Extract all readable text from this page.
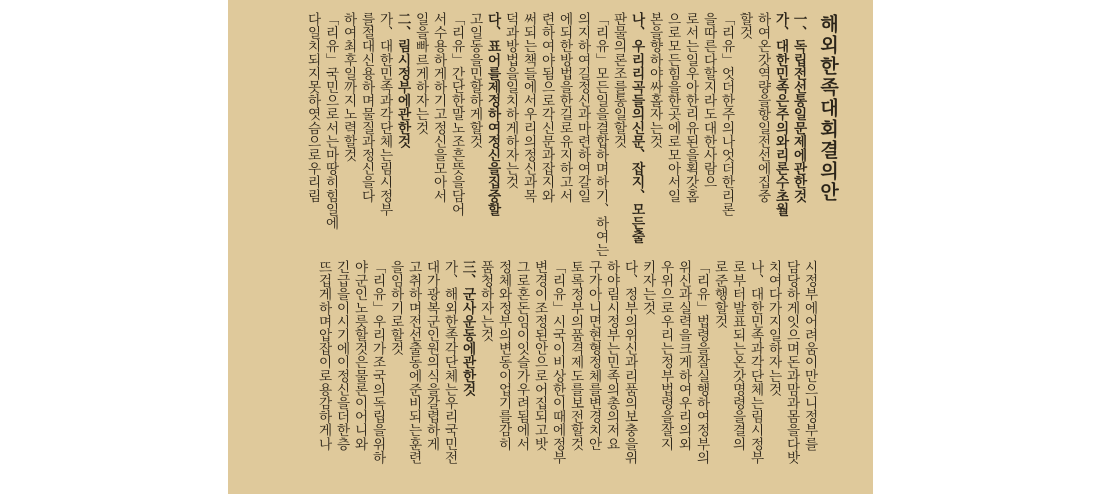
해외한족대회결의안
一、독립전선통일문제에관한것
가、대한민족은주의와리론수초월
하여온갓역량을항일전선에집중
할것
「리유」엇더한주의나엇더한리론
을따른다할지라도대한사람으
로서는일우아한리유된을획갓홈
으로모든힘을한곳에로모아서일
본을향하야싸홀자는것
나、우리리곡들의신문、잡지、모든출
판물의론조를통일할것
「리유」모든일을결합하며하기、하여는
의지하여길정신과마련하여갈일
에되한방법을한길로유지하고서
련하여야됨으로각신문과잡지와
써되는책들에서우리의정신과목
덕과방법을일치하게하자는것
다、표어를제정하여정신을집중할
고일동을민할하게할것
「리유」간단한말노조흔뜻을담어
서수용하게하기고정신을모아서
일을빠르게하자는것
二、림시정부에관한것
가、대한민족과각단체는림시정부
를절대신용하며물질과정신을다
하여최후일까지노력할것
「리유」국민으로서는마땅히힘일에
다일치되지못하엿슴으로우리림
시정부에어려움이만으니정부를
담당하게잇으며돈과맘과몸을다밧
치여다가지일하자는것
나、대한민족과각단체는림시정부
로부터발표되는온갓명령을결의
로준행할것
「리유」법령을잘실행하여정부의
위신과실력을크게하여우리의외
우위으로우리는정부법령을잘지
키자는것
다、정부의위신과리품의보충을위
하야림시정부는민족의총의저요
구가아니면현형정체를변경치안
토록정부의품격제도를보전할것
「리유」시국이비상한이때에정부
변경이조정된안으로어집되고밧
그로혼돈임이잇슬가우려됨에서
정체와정부의변동이업기를감히
품청하자는것
三、군사운동에관한것
가、해외한족각단체는우리국민전
대가광복군인원의식을갈렵하게
고취하며전선출동에준비되는훈련
을임하기로할것
「리유」우리가조국의독립을위하
야군인노릇할것은물론이어니와
긴급을이시기에이정신을더한층
뜨겁게하며압잡이로용감하게나
